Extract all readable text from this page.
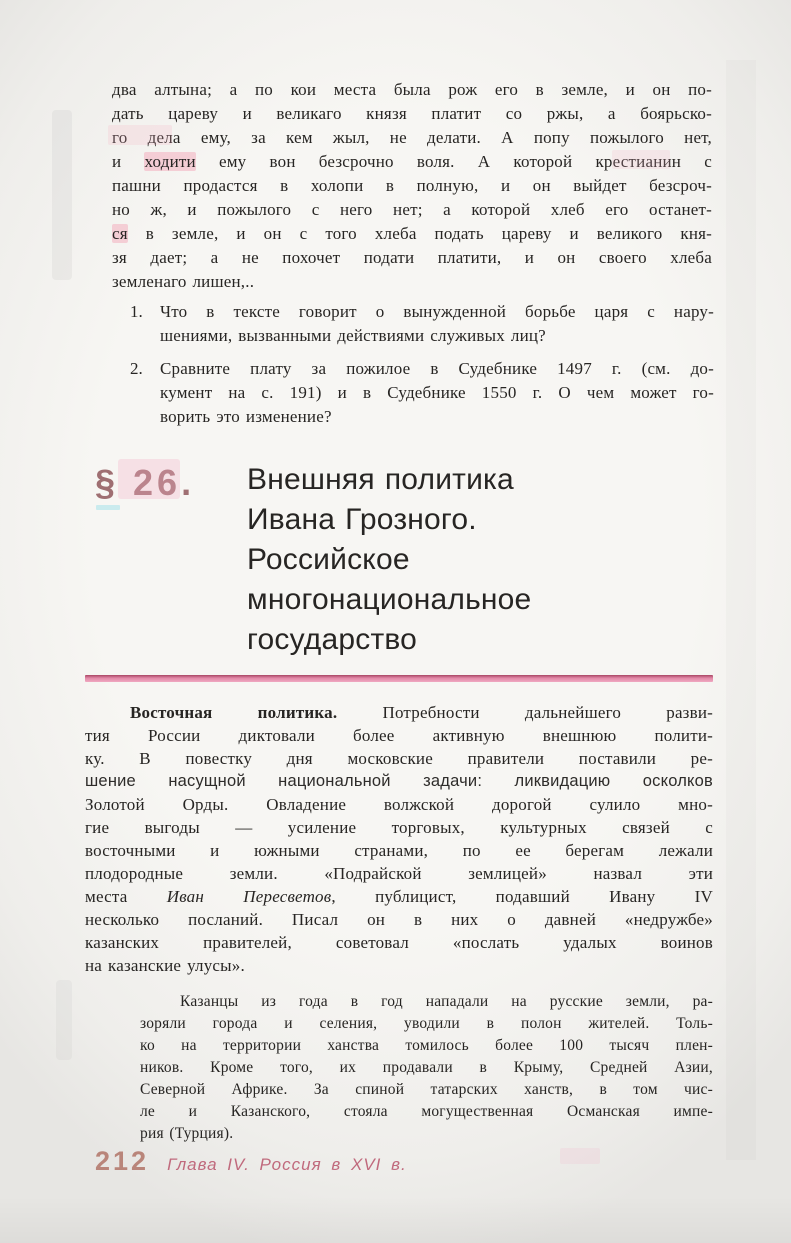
два алтына; а по кои места была рож его в земле, и он по-
дать цареву и великаго князя платит со ржы, а боярьско-
го дела ему, за кем жыл, не делати. А попу пожылого нет,
и ходити ему вон безсрочно воля. А которой крестианин с
пашни продастся в холопи в полную, и он выйдет безсроч-
но ж, и пожылого с него нет; а которой хлеб его останет-
ся в земле, и он с того хлеба подать цареву и великого кня-
зя дает; а не похочет подати платити, и он своего хлеба
земленаго лишен,..
1.	Что в тексте говорит о вынужденной борьбе царя с нару-
шениями, вызванными действиями служивых лиц?
2.	Сравните плату за пожилое в Судебнике 1497 г. (см. до-
кумент на с. 191) и в Судебнике 1550 г. О чем может го-
ворить это изменение?
§ 26. Внешняя политика
Ивана Грозного.
Российское
многонациональное
государство
Восточная политика. Потребности дальнейшего разви-
тия России диктовали более активную внешнюю полити-
ку. В повестку дня московские правители поставили ре-
шение насущной национальной задачи: ликвидацию осколков
Золотой Орды. Овладение волжской дорогой сулило мно-
гие выгоды — усиление торговых, культурных связей с
восточными и южными странами, по ее берегам лежали
плодородные земли. «Подрайской землицей» назвал эти
места Иван Пересветов, публицист, подавший Ивану IV
несколько посланий. Писал он в них о давней «недружбе»
казанских правителей, советовал «послать удалых воинов
на казанские улусы».
Казанцы из года в год нападали на русские земли, ра-
зоряли города и селения, уводили в полон жителей. Толь-
ко на территории ханства томилось более 100 тысяч плен-
ников. Кроме того, их продавали в Крыму, Средней Азии,
Северной Африке. За спиной татарских ханств, в том чис-
ле и Казанского, стояла могущественная Османская импе-
рия (Турция).
212 Глава IV. Россия в XVI в.
